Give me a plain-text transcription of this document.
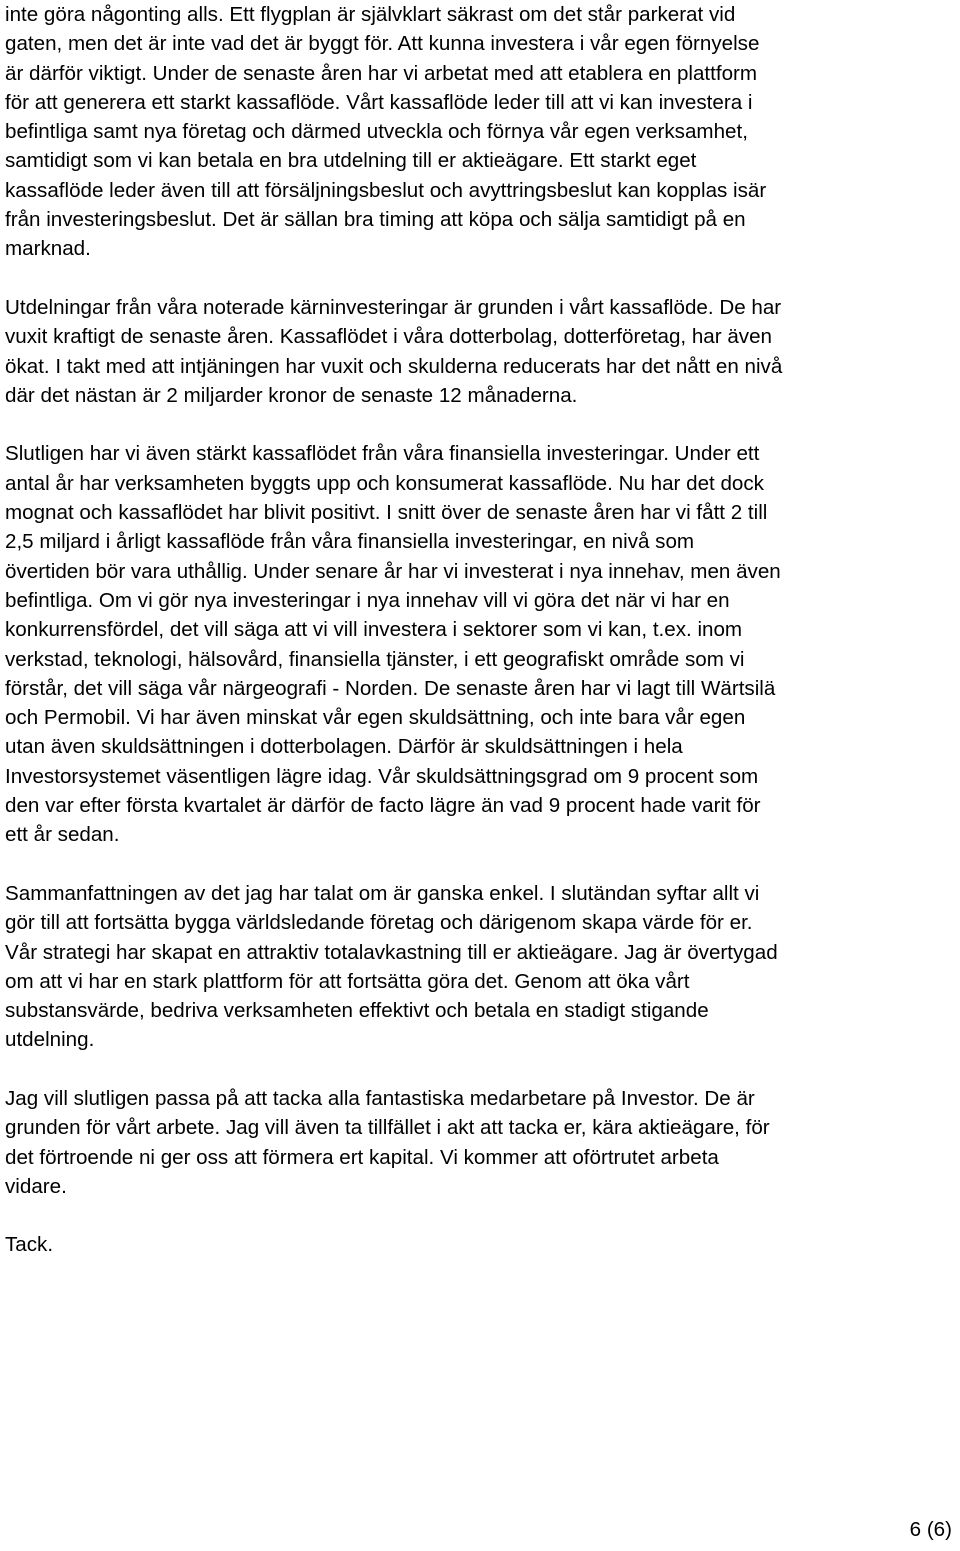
inte göra någonting alls. Ett flygplan är självklart säkrast om det står parkerat vid
gaten, men det är inte vad det är byggt för. Att kunna investera i vår egen förnyelse
är därför viktigt. Under de senaste åren har vi arbetat med att etablera en plattform
för att generera ett starkt kassaflöde. Vårt kassaflöde leder till att vi kan investera i
befintliga samt nya företag och därmed utveckla och förnya vår egen verksamhet,
samtidigt som vi kan betala en bra utdelning till er aktieägare. Ett starkt eget
kassaflöde leder även till att försäljningsbeslut och avyttringsbeslut kan kopplas isär
från investeringsbeslut. Det är sällan bra timing att köpa och sälja samtidigt på en
marknad.

Utdelningar från våra noterade kärninvesteringar är grunden i vårt kassaflöde. De har
vuxit kraftigt de senaste åren. Kassaflödet i våra dotterbolag, dotterföretag, har även
ökat. I takt med att intjäningen har vuxit och skulderna reducerats har det nått en nivå
där det nästan är 2 miljarder kronor de senaste 12 månaderna.

Slutligen har vi även stärkt kassaflödet från våra finansiella investeringar. Under ett
antal år har verksamheten byggts upp och konsumerat kassaflöde. Nu har det dock
mognat och kassaflödet har blivit positivt. I snitt över de senaste åren har vi fått 2 till
2,5 miljard i årligt kassaflöde från våra finansiella investeringar, en nivå som
övertiden bör vara uthållig. Under senare år har vi investerat i nya innehav, men även
befintliga. Om vi gör nya investeringar i nya innehav vill vi göra det när vi har en
konkurrensfördel, det vill säga att vi vill investera i sektorer som vi kan, t.ex. inom
verkstad, teknologi, hälsovård, finansiella tjänster, i ett geografiskt område som vi
förstår, det vill säga vår närgeografi - Norden. De senaste åren har vi lagt till Wärtsilä
och Permobil. Vi har även minskat vår egen skuldsättning, och inte bara vår egen
utan även skuldsättningen i dotterbolagen. Därför är skuldsättningen i hela
Investorsystemet väsentligen lägre idag. Vår skuldsättningsgrad om 9 procent som
den var efter första kvartalet är därför de facto lägre än vad 9 procent hade varit för
ett år sedan.

Sammanfattningen av det jag har talat om är ganska enkel. I slutändan syftar allt vi
gör till att fortsätta bygga världsledande företag och därigenom skapa värde för er.
Vår strategi har skapat en attraktiv totalavkastning till er aktieägare. Jag är övertygad
om att vi har en stark plattform för att fortsätta göra det. Genom att öka vårt
substansvärde, bedriva verksamheten effektivt och betala en stadigt stigande
utdelning.

Jag vill slutligen passa på att tacka alla fantastiska medarbetare på Investor. De är
grunden för vårt arbete. Jag vill även ta tillfället i akt att tacka er, kära aktieägare, för
det förtroende ni ger oss att förmera ert kapital. Vi kommer att oförtrutet arbeta
vidare.

Tack.

6 (6)
